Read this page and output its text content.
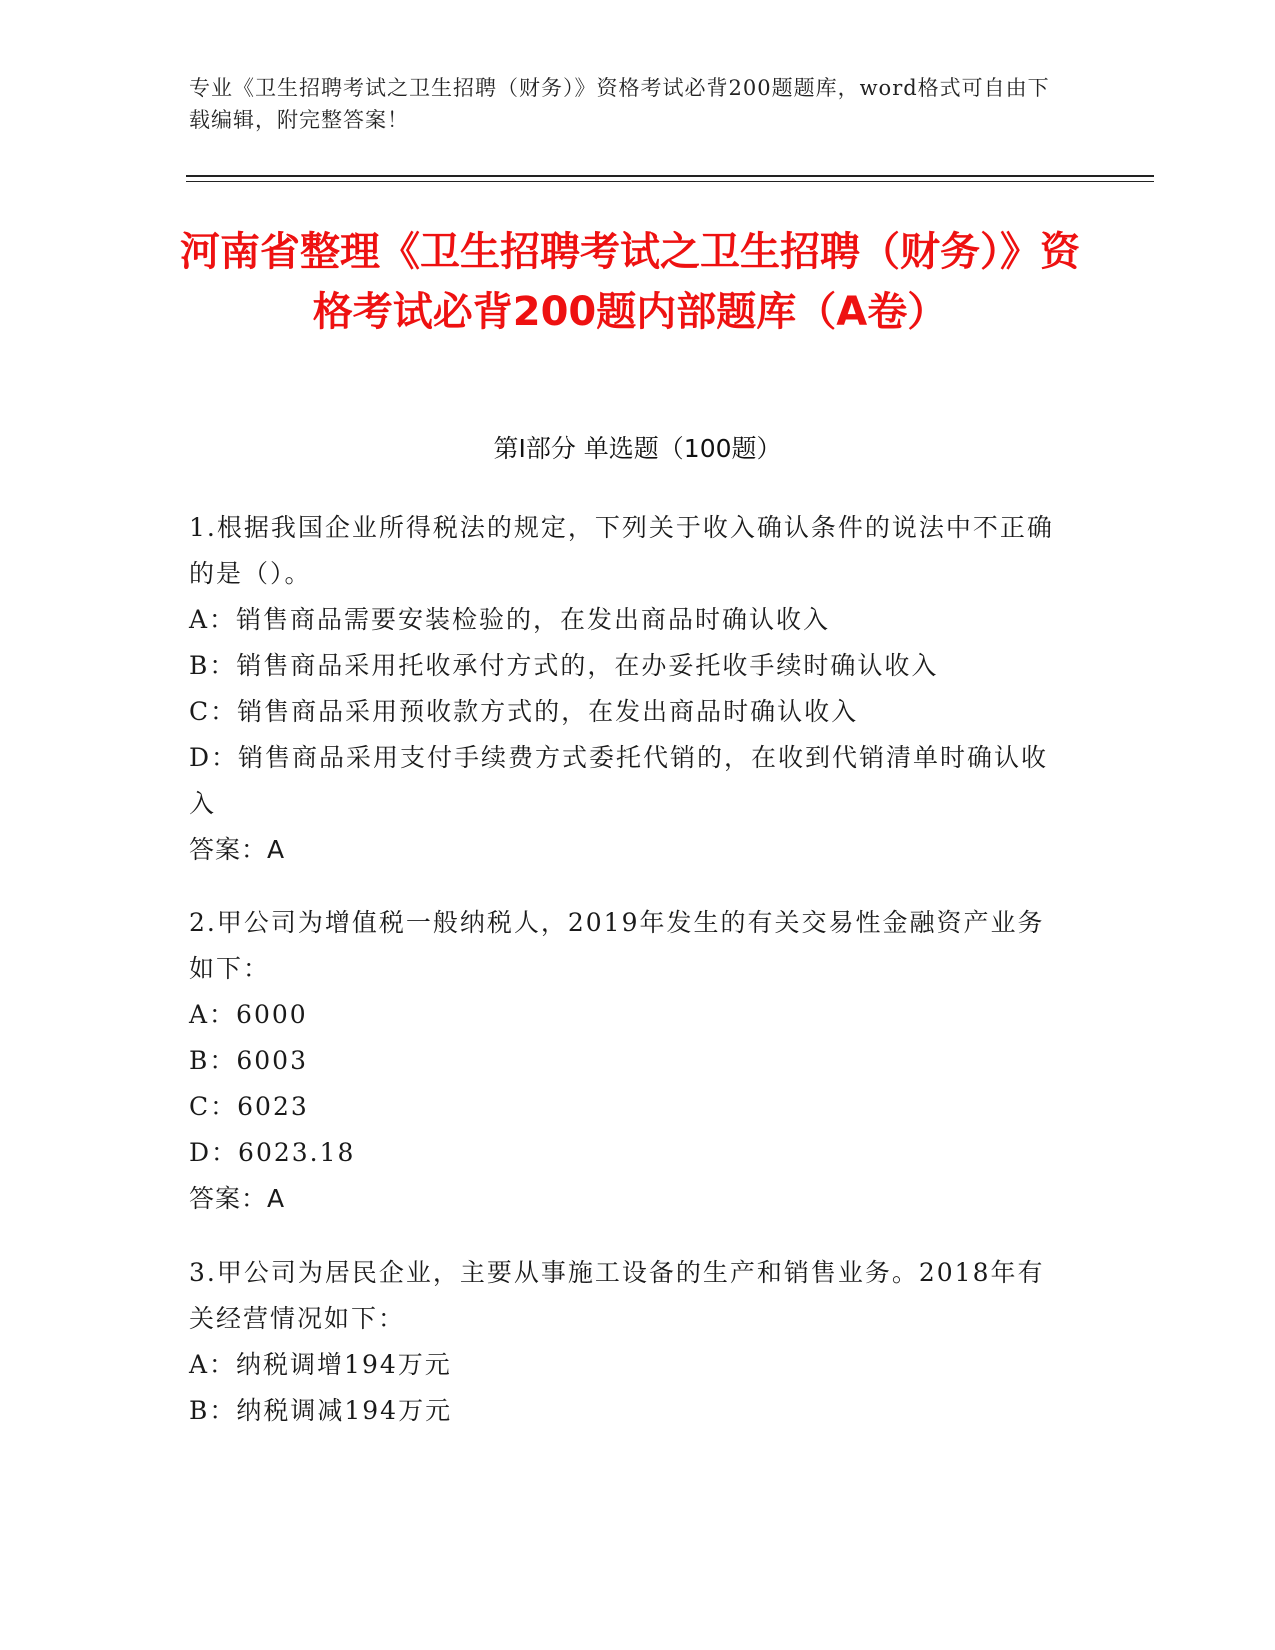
专业《卫生招聘考试之卫生招聘（财务）》资格考试必背200题题库，word格式可自由下载编辑，附完整答案！
河南省整理《卫生招聘考试之卫生招聘（财务）》资格考试必背200题内部题库（A卷）
第I部分 单选题（100题）
1.根据我国企业所得税法的规定，下列关于收入确认条件的说法中不正确的是（）。
A：销售商品需要安装检验的，在发出商品时确认收入
B：销售商品采用托收承付方式的，在办妥托收手续时确认收入
C：销售商品采用预收款方式的，在发出商品时确认收入
D：销售商品采用支付手续费方式委托代销的，在收到代销清单时确认收入
答案：A
2.甲公司为增值税一般纳税人，2019年发生的有关交易性金融资产业务如下：
A：6000
B：6003
C：6023
D：6023.18
答案：A
3.甲公司为居民企业，主要从事施工设备的生产和销售业务。2018年有关经营情况如下：
A：纳税调增194万元
B：纳税调减194万元
